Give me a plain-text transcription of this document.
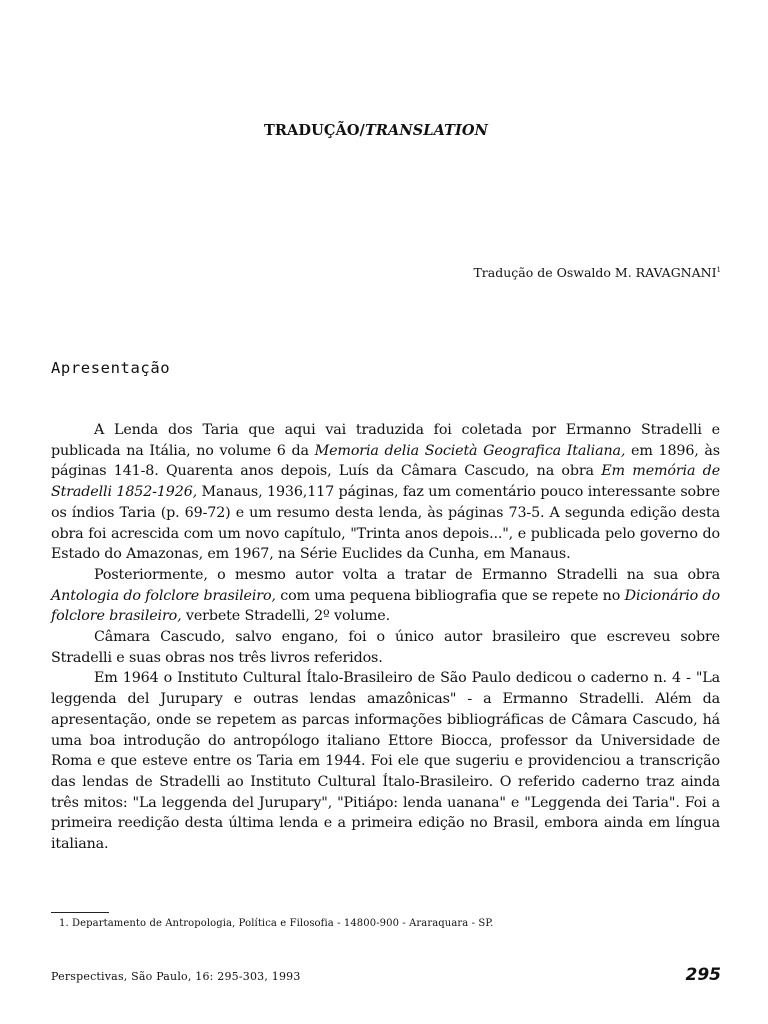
TRADUÇÃO/TRANSLATION
Tradução de Oswaldo M. RAVAGNANI$^1$
Apresentação

A Lenda dos Taria que aqui vai traduzida foi coletada por Ermanno Stradelli e publicada na Itália, no volume 6 da Memoria delia Società Geografica Italiana, em 1896, às páginas 141-8. Quarenta anos depois, Luís da Câmara Cascudo, na obra Em memória de Stradelli 1852-1926, Manaus, 1936,117 páginas, faz um comentário pouco interessante sobre os índios Taria (p. 69-72) e um resumo desta lenda, às páginas 73-5. A segunda edição desta obra foi acrescida com um novo capítulo, "Trinta anos depois...", e publicada pelo governo do Estado do Amazonas, em 1967, na Série Euclides da Cunha, em Manaus.

Posteriormente, o mesmo autor volta a tratar de Ermanno Stradelli na sua obra Antologia do folclore brasileiro, com uma pequena bibliografia que se repete no Dicionário do folclore brasileiro, verbete Stradelli, 2º volume.

Câmara Cascudo, salvo engano, foi o único autor brasileiro que escreveu sobre Stradelli e suas obras nos três livros referidos.

Em 1964 o Instituto Cultural Ítalo-Brasileiro de São Paulo dedicou o caderno n. 4 - "La leggenda del Jurupary e outras lendas amazônicas" - a Ermanno Stradelli. Além da apresentação, onde se repetem as parcas informações bibliográficas de Câmara Cascudo, há uma boa introdução do antropólogo italiano Ettore Biocca, professor da Universidade de Roma e que esteve entre os Taria em 1944. Foi ele que sugeriu e providenciou a transcrição das lendas de Stradelli ao Instituto Cultural Ítalo-Brasileiro. O referido caderno traz ainda três mitos: "La leggenda del Jurupary", "Pitiápo: lenda uanana" e "Leggenda dei Taria". Foi a primeira reedição desta última lenda e a primeira edição no Brasil, embora ainda em língua italiana.

1. Departamento de Antropologia, Política e Filosofia - 14800-900 - Araraquara - SP.
Perspectivas, São Paulo, 16: 295-303, 1993	295
